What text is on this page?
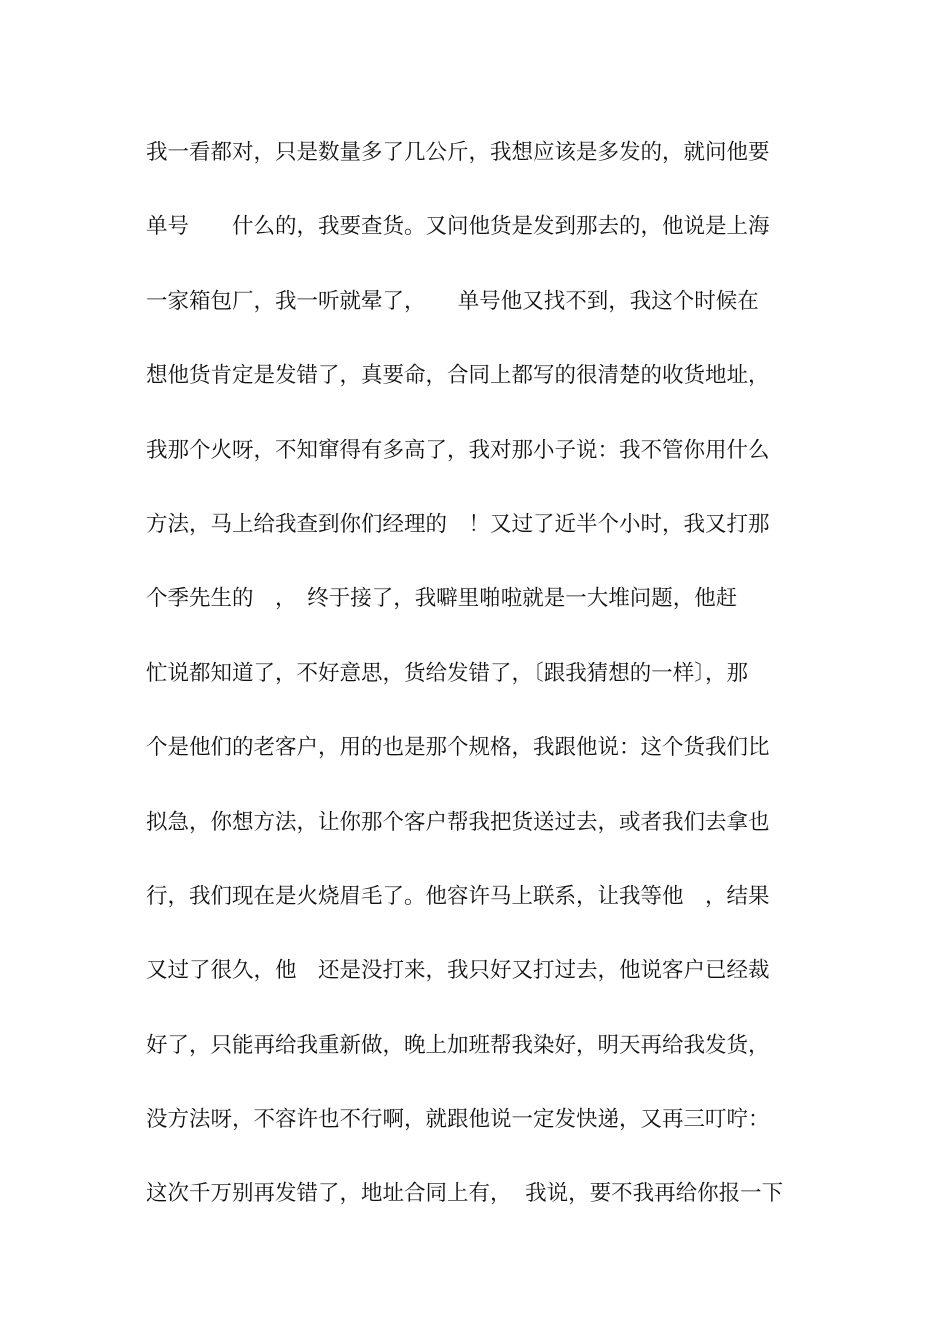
我一看都对，只是数量多了几公斤，我想应该是多发的，就问他要
单号　　什么的，我要查货。又问他货是发到那去的，他说是上海
一家箱包厂，我一听就晕了，　　单号他又找不到，我这个时候在
想他货肯定是发错了，真要命，合同上都写的很清楚的收货地址，
我那个火呀，不知窜得有多高了，我对那小子说：我不管你用什么
方法，马上给我查到你们经理的　！又过了近半个小时，我又打那
个季先生的　，　终于接了，我噼里啪啦就是一大堆问题，他赶
忙说都知道了，不好意思，货给发错了，〔跟我猜想的一样〕，那
个是他们的老客户，用的也是那个规格，我跟他说：这个货我们比
拟急，你想方法，让你那个客户帮我把货送过去，或者我们去拿也
行，我们现在是火烧眉毛了。他容许马上联系，让我等他　，结果
又过了很久，他　还是没打来，我只好又打过去，他说客户已经裁
好了，只能再给我重新做，晚上加班帮我染好，明天再给我发货，
没方法呀，不容许也不行啊，就跟他说一定发快递，又再三叮咛：
这次千万别再发错了，地址合同上有，  我说，要不我再给你报一下
